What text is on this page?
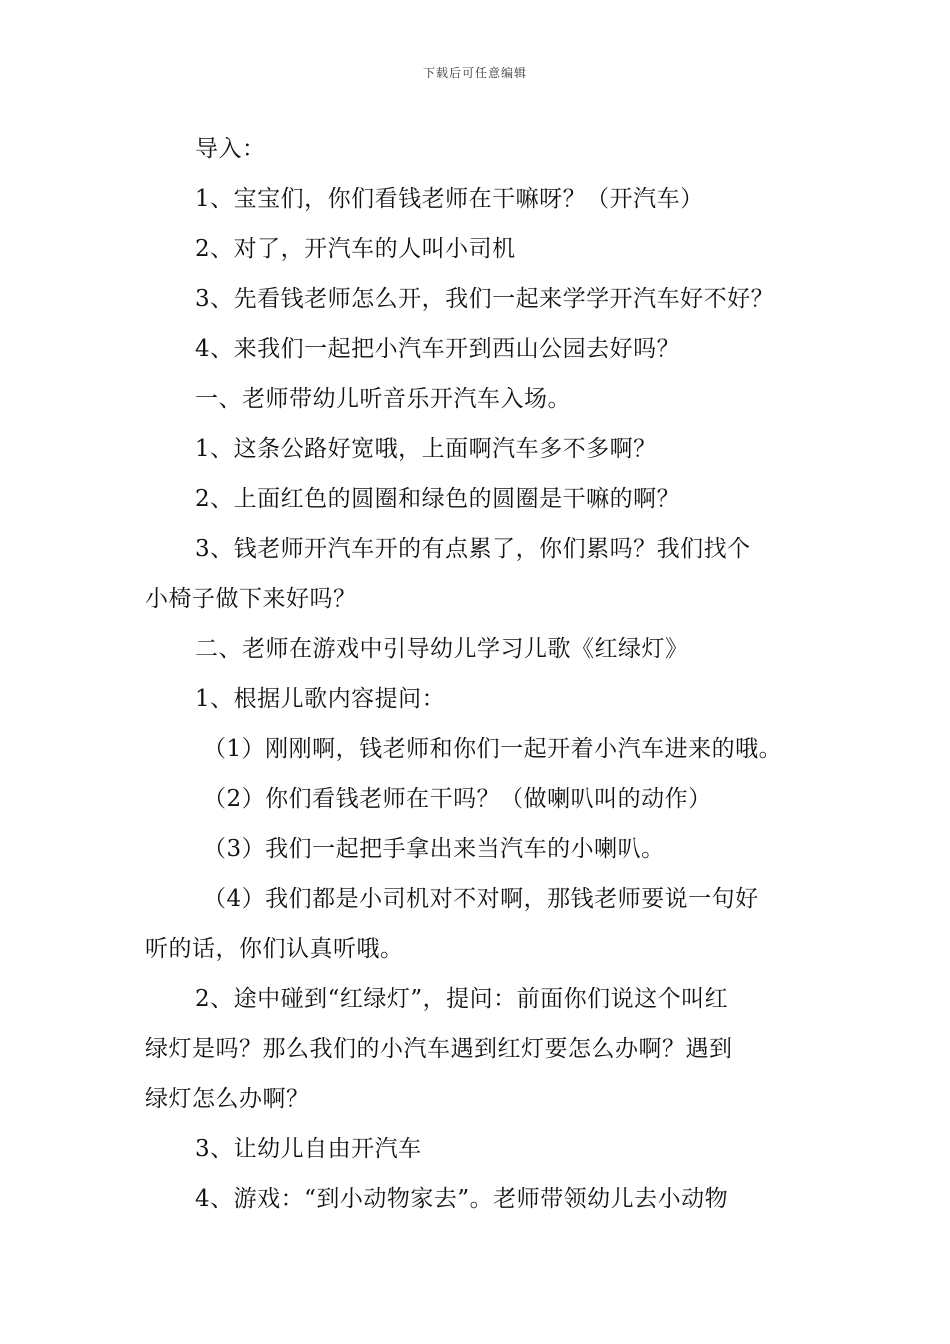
下载后可任意编辑

导入：

1、宝宝们，你们看钱老师在干嘛呀？（开汽车）

2、对了，开汽车的人叫小司机

3、先看钱老师怎么开，我们一起来学学开汽车好不好？

4、来我们一起把小汽车开到西山公园去好吗？

一、老师带幼儿听音乐开汽车入场。

1、这条公路好宽哦，上面啊汽车多不多啊？

2、上面红色的圆圈和绿色的圆圈是干嘛的啊？

3、钱老师开汽车开的有点累了，你们累吗？我们找个

小椅子做下来好吗？

二、老师在游戏中引导幼儿学习儿歌《红绿灯》

1、根据儿歌内容提问：

（1）刚刚啊，钱老师和你们一起开着小汽车进来的哦。

（2）你们看钱老师在干吗？（做喇叭叫的动作）

（3）我们一起把手拿出来当汽车的小喇叭。

（4）我们都是小司机对不对啊，那钱老师要说一句好

听的话，你们认真听哦。

2、途中碰到“红绿灯”，提问：前面你们说这个叫红

绿灯是吗？那么我们的小汽车遇到红灯要怎么办啊？遇到

绿灯怎么办啊？

3、让幼儿自由开汽车

4、游戏：“到小动物家去”。老师带领幼儿去小动物
